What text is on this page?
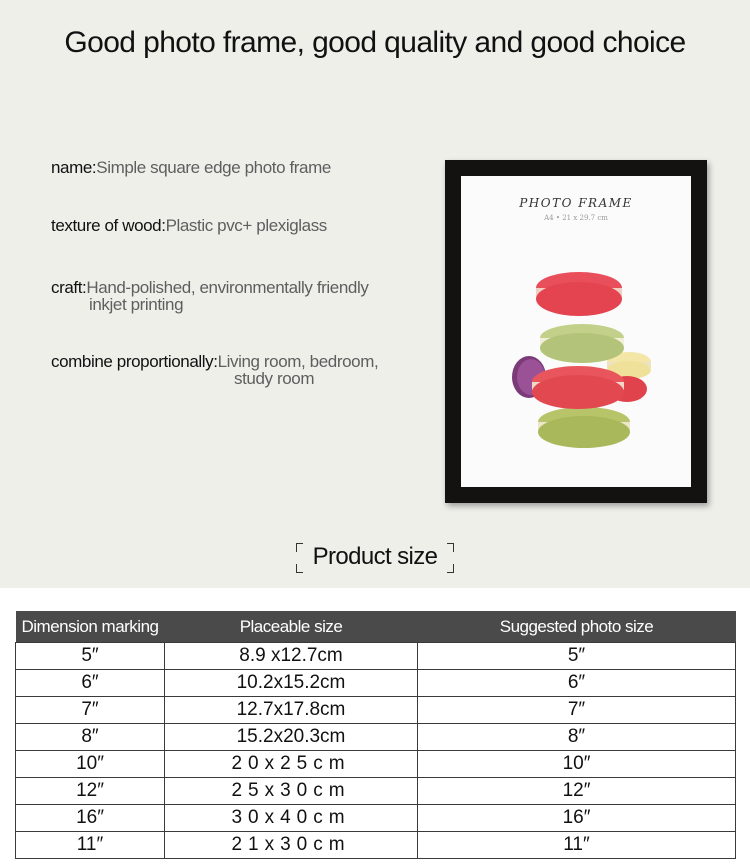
Good photo frame, good quality and good choice
name:Simple square edge photo frame
texture of wood:Plastic pvc+ plexiglass
craft:Hand-polished, environmentally friendly
inkjet printing
combine proportionally:Living room, bedroom,
study room
PHOTO FRAME
A4 • 21 x 29.7 cm
Product size
Dimension marking	Placeable size	Suggested photo size
5″	8.9 x12.7cm	5″
6″	10.2x15.2cm	6″
7″	12.7x17.8cm	7″
8″	15.2x20.3cm	8″
10″	20x25cm	10″
12″	25x30cm	12″
16″	30x40cm	16″
11″	21x30cm	11″
